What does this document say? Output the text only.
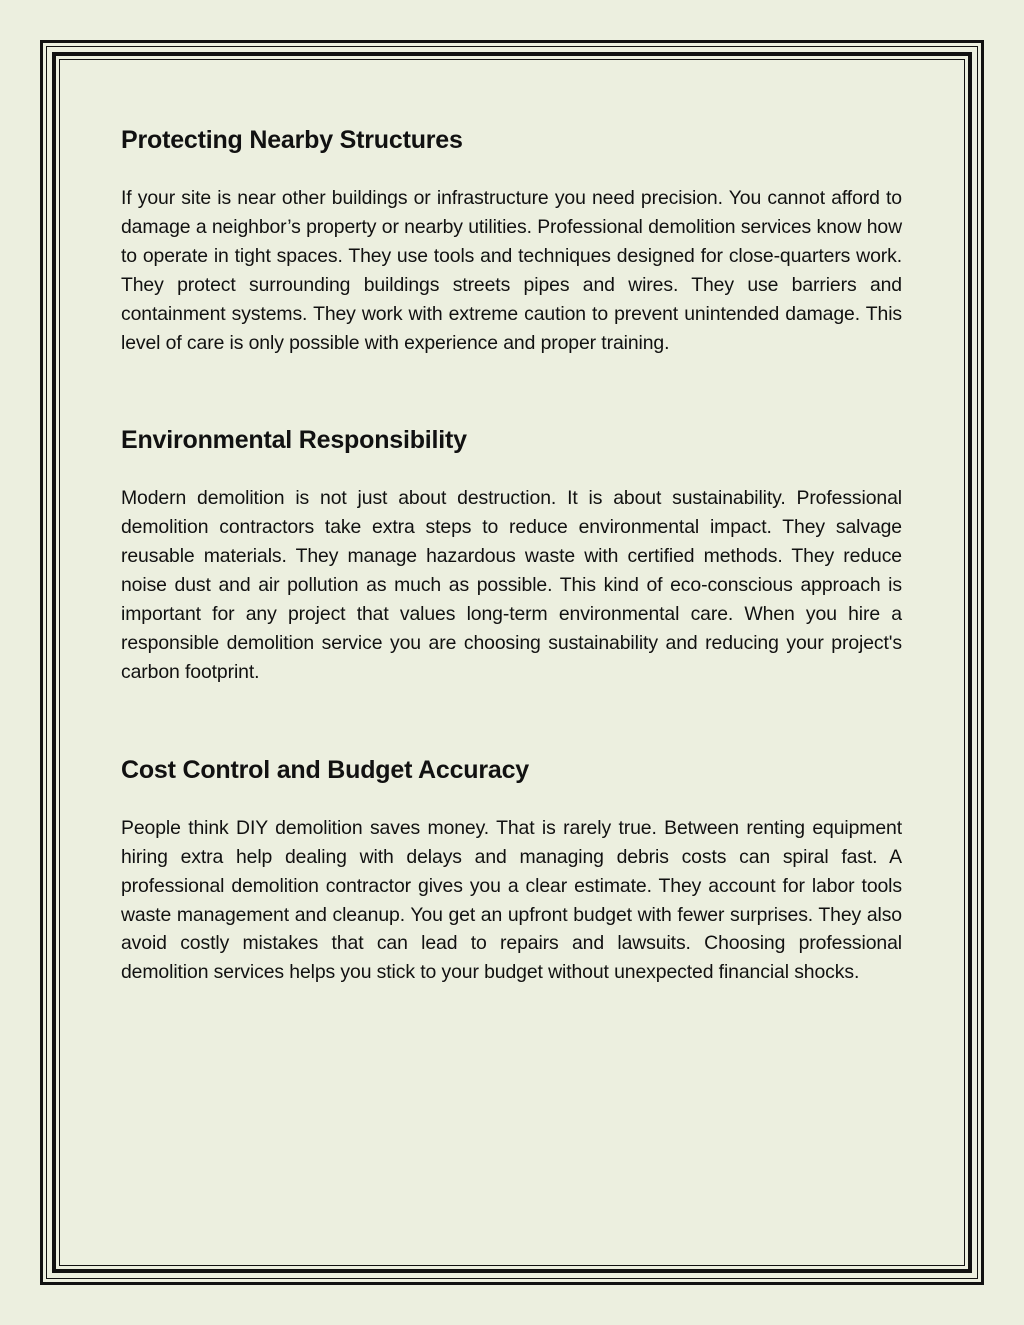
Protecting Nearby Structures

If your site is near other buildings or infrastructure you need precision. You cannot afford to damage a neighbor’s property or nearby utilities. Professional demolition services know how to operate in tight spaces. They use tools and techniques designed for close-quarters work. They protect surrounding buildings streets pipes and wires. They use barriers and containment systems. They work with extreme caution to prevent unintended damage. This level of care is only possible with experience and proper training.

Environmental Responsibility

Modern demolition is not just about destruction. It is about sustainability. Professional demolition contractors take extra steps to reduce environmental impact. They salvage reusable materials. They manage hazardous waste with certified methods. They reduce noise dust and air pollution as much as possible. This kind of eco-conscious approach is important for any project that values long-term environmental care. When you hire a responsible demolition service you are choosing sustainability and reducing your project's carbon footprint.

Cost Control and Budget Accuracy

People think DIY demolition saves money. That is rarely true. Between renting equipment hiring extra help dealing with delays and managing debris costs can spiral fast. A professional demolition contractor gives you a clear estimate. They account for labor tools waste management and cleanup. You get an upfront budget with fewer surprises. They also avoid costly mistakes that can lead to repairs and lawsuits. Choosing professional demolition services helps you stick to your budget without unexpected financial shocks.
